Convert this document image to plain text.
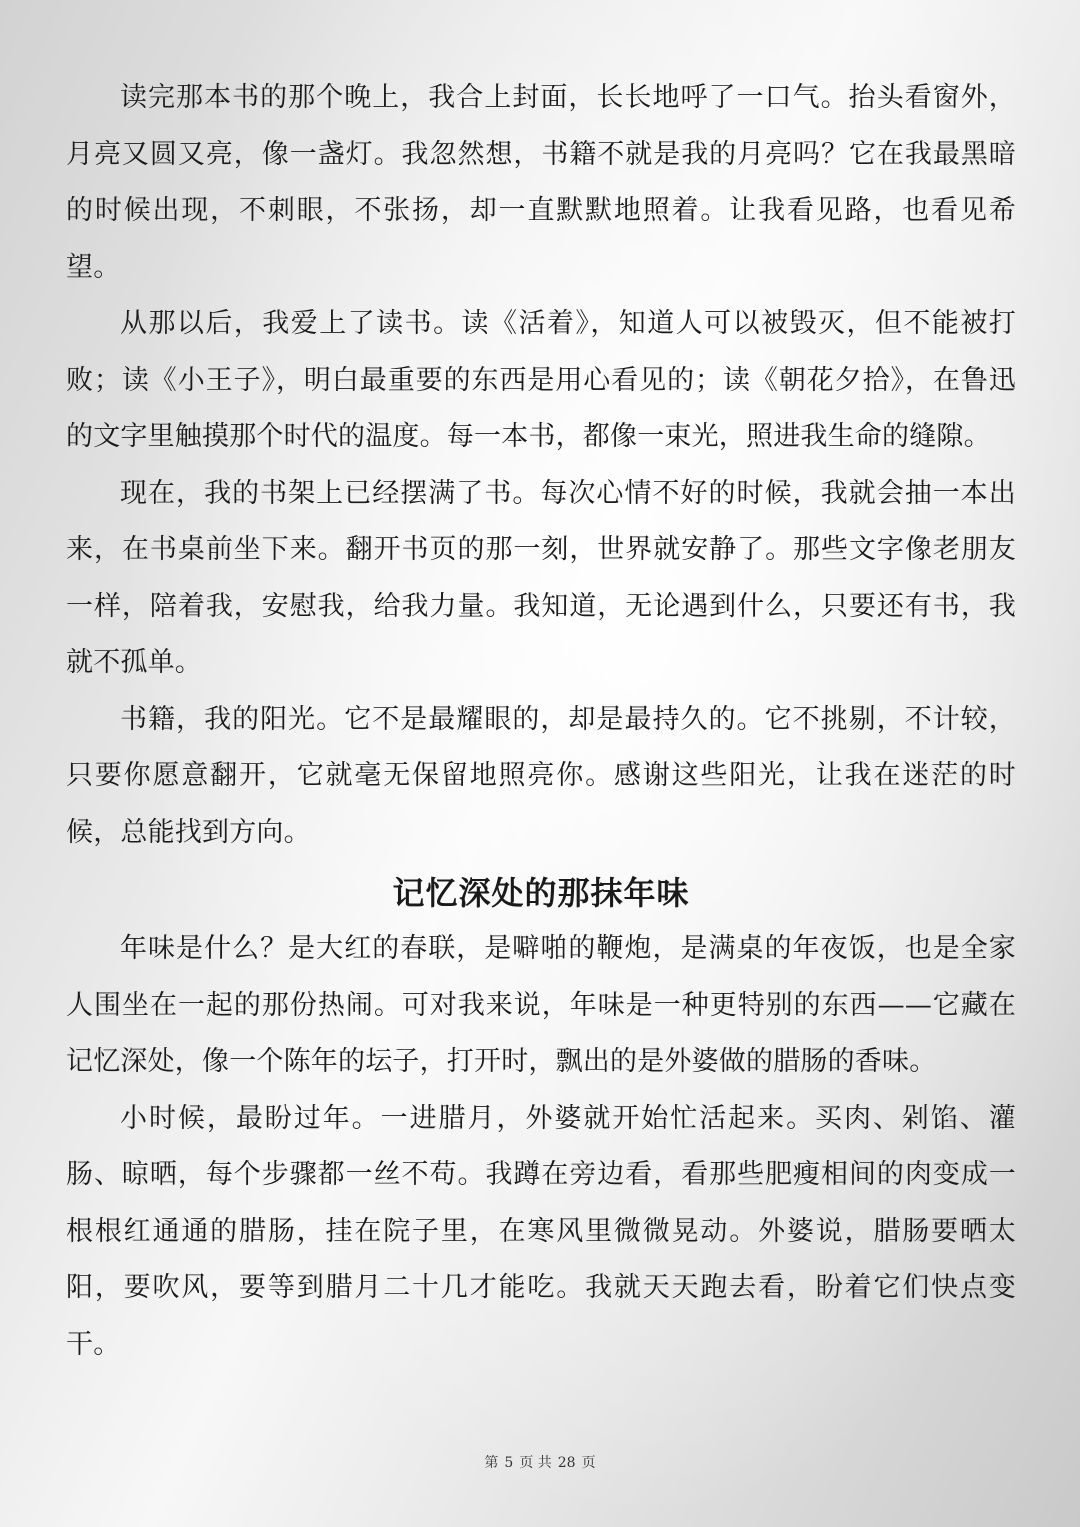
读完那本书的那个晚上，我合上封面，长长地呼了一口气。抬头看窗外，月亮又圆又亮，像一盏灯。我忽然想，书籍不就是我的月亮吗？它在我最黑暗的时候出现，不刺眼，不张扬，却一直默默地照着。让我看见路，也看见希望。

从那以后，我爱上了读书。读《活着》，知道人可以被毁灭，但不能被打败；读《小王子》，明白最重要的东西是用心看见的；读《朝花夕拾》，在鲁迅的文字里触摸那个时代的温度。每一本书，都像一束光，照进我生命的缝隙。

现在，我的书架上已经摆满了书。每次心情不好的时候，我就会抽一本出来，在书桌前坐下来。翻开书页的那一刻，世界就安静了。那些文字像老朋友一样，陪着我，安慰我，给我力量。我知道，无论遇到什么，只要还有书，我就不孤单。

书籍，我的阳光。它不是最耀眼的，却是最持久的。它不挑剔，不计较，只要你愿意翻开，它就毫无保留地照亮你。感谢这些阳光，让我在迷茫的时候，总能找到方向。

记忆深处的那抹年味

年味是什么？是大红的春联，是噼啪的鞭炮，是满桌的年夜饭，也是全家人围坐在一起的那份热闹。可对我来说，年味是一种更特别的东西——它藏在记忆深处，像一个陈年的坛子，打开时，飘出的是外婆做的腊肠的香味。

小时候，最盼过年。一进腊月，外婆就开始忙活起来。买肉、剁馅、灌肠、晾晒，每个步骤都一丝不苟。我蹲在旁边看，看那些肥瘦相间的肉变成一根根红通通的腊肠，挂在院子里，在寒风里微微晃动。外婆说，腊肠要晒太阳，要吹风，要等到腊月二十几才能吃。我就天天跑去看，盼着它们快点变干。

第 5 页 共 28 页
